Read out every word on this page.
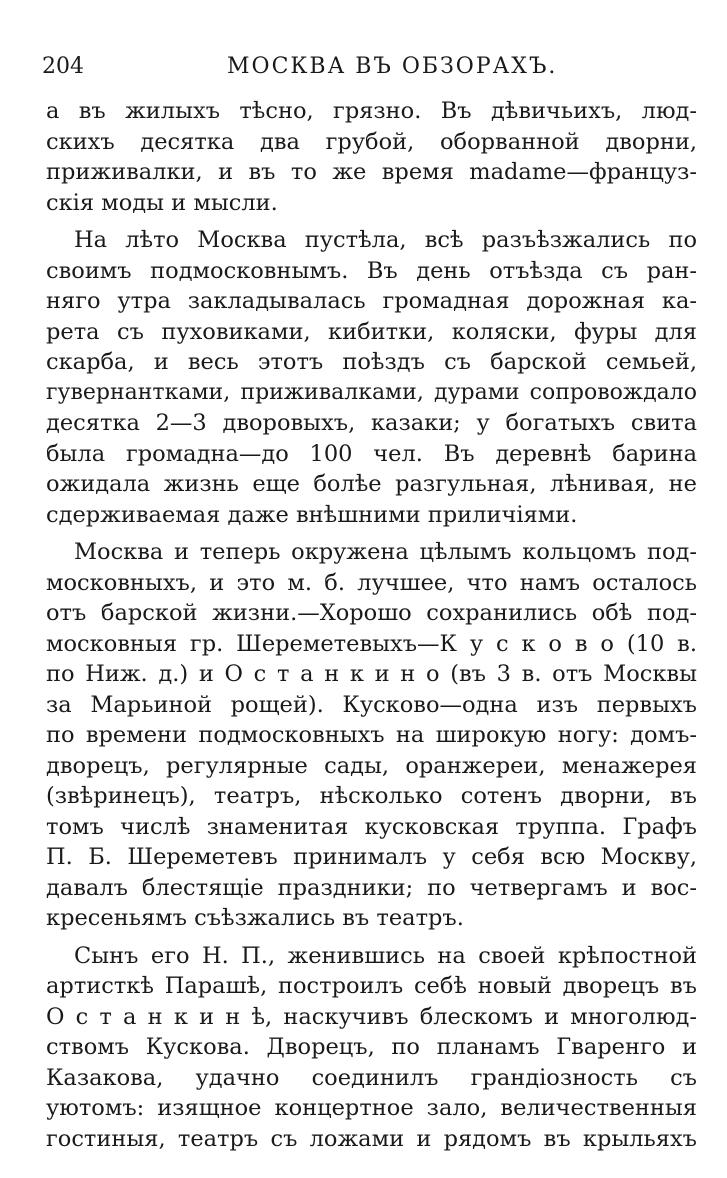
204	МОСКВА ВЪ ОБЗОРАХЪ.
а въ жилыхъ тѣсно, грязно. Въ дѣвичьихъ, люд-
скихъ десятка два грубой, оборванной дворни,
приживалки, и въ то же время madame—француз-
скія моды и мысли.
На лѣто Москва пустѣла, всѣ разъѣзжались по
своимъ подмосковнымъ. Въ день отъѣзда съ ран-
няго утра закладывалась громадная дорожная ка-
рета съ пуховиками, кибитки, коляски, фуры для
скарба, и весь этотъ поѣздъ съ барской семьей,
гувернантками, приживалками, дурами сопровождало
десятка 2—3 дворовыхъ, казаки; у богатыхъ свита
была громадна—до 100 чел. Въ деревнѣ барина
ожидала жизнь еще болѣе разгульная, лѣнивая, не
сдерживаемая даже внѣшними приличіями.
Москва и теперь окружена цѣлымъ кольцомъ под-
московныхъ, и это м. б. лучшее, что намъ осталось
отъ барской жизни.—Хорошо сохранились обѣ под-
московныя гр. Шереметевыхъ—К у с к о в о (10 в.
по Ниж. д.) и О с т а н к и н о (въ 3 в. отъ Москвы
за Марьиной рощей). Кусково—одна изъ первыхъ
по времени подмосковныхъ на широкую ногу: домъ-
дворецъ, регулярные сады, оранжереи, менажерея
(звѣринецъ), театръ, нѣсколько сотенъ дворни, въ
томъ числѣ знаменитая кусковская труппа. Графъ
П. Б. Шереметевъ принималъ у себя всю Москву,
давалъ блестящіе праздники; по четвергамъ и вос-
кресеньямъ съѣзжались въ театръ.
Сынъ его Н. П., женившись на своей крѣпостной
артисткѣ Парашѣ, построилъ себѣ новый дворецъ въ
О с т а н к и н ѣ, наскучивъ блескомъ и многолюд-
ствомъ Кускова. Дворецъ, по планамъ Гваренго и
Казакова, удачно соединилъ грандіозность съ
уютомъ: изящное концертное зало, величественныя
гостиныя, театръ съ ложами и рядомъ въ крыльяхъ
